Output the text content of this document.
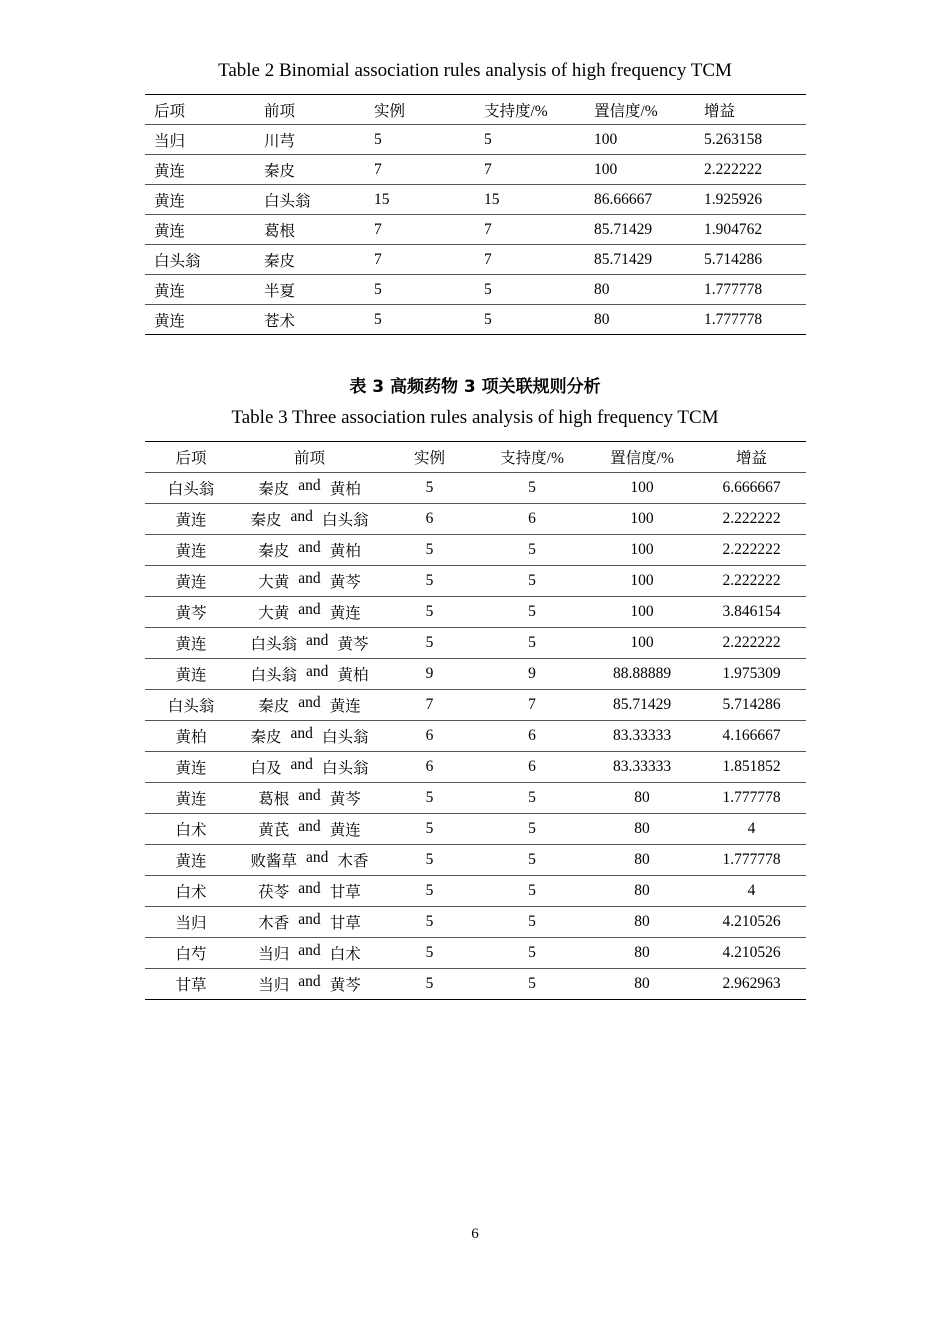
Table 2 Binomial association rules analysis of high frequency TCM
后项	前项	实例	支持度/%	置信度/%	增益
当归	川芎	5	5	100	5.263158
黄连	秦皮	7	7	100	2.222222
黄连	白头翁	15	15	86.66667	1.925926
黄连	葛根	7	7	85.71429	1.904762
白头翁	秦皮	7	7	85.71429	5.714286
黄连	半夏	5	5	80	1.777778
黄连	苍术	5	5	80	1.777778
表 3 高频药物 3 项关联规则分析
Table 3 Three association rules analysis of high frequency TCM
后项	前项	实例	支持度/%	置信度/%	增益
白头翁	秦皮 and 黄柏	5	5	100	6.666667
黄连	秦皮 and 白头翁	6	6	100	2.222222
黄连	秦皮 and 黄柏	5	5	100	2.222222
黄连	大黄 and 黄芩	5	5	100	2.222222
黄芩	大黄 and 黄连	5	5	100	3.846154
黄连	白头翁 and 黄芩	5	5	100	2.222222
黄连	白头翁 and 黄柏	9	9	88.88889	1.975309
白头翁	秦皮 and 黄连	7	7	85.71429	5.714286
黄柏	秦皮 and 白头翁	6	6	83.33333	4.166667
黄连	白及 and 白头翁	6	6	83.33333	1.851852
黄连	葛根 and 黄芩	5	5	80	1.777778
白术	黄芪 and 黄连	5	5	80	4
黄连	败酱草 and 木香	5	5	80	1.777778
白术	茯苓 and 甘草	5	5	80	4
当归	木香 and 甘草	5	5	80	4.210526
白芍	当归 and 白术	5	5	80	4.210526
甘草	当归 and 黄芩	5	5	80	2.962963
6
